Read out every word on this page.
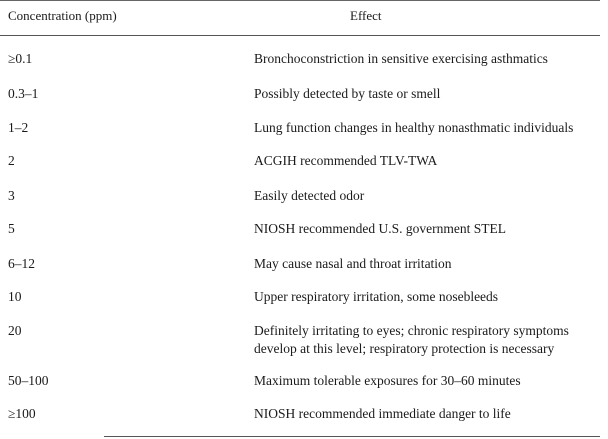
Concentration (ppm)	Effect
≥0.1	Bronchoconstriction in sensitive exercising asthmatics
0.3–1	Possibly detected by taste or smell
1–2	Lung function changes in healthy nonasthmatic individuals
2	ACGIH recommended TLV-TWA
3	Easily detected odor
5	NIOSH recommended U.S. government STEL
6–12	May cause nasal and throat irritation
10	Upper respiratory irritation, some nosebleeds
20	Definitely irritating to eyes; chronic respiratory symptoms
develop at this level; respiratory protection is necessary
50–100	Maximum tolerable exposures for 30–60 minutes
≥100	NIOSH recommended immediate danger to life
